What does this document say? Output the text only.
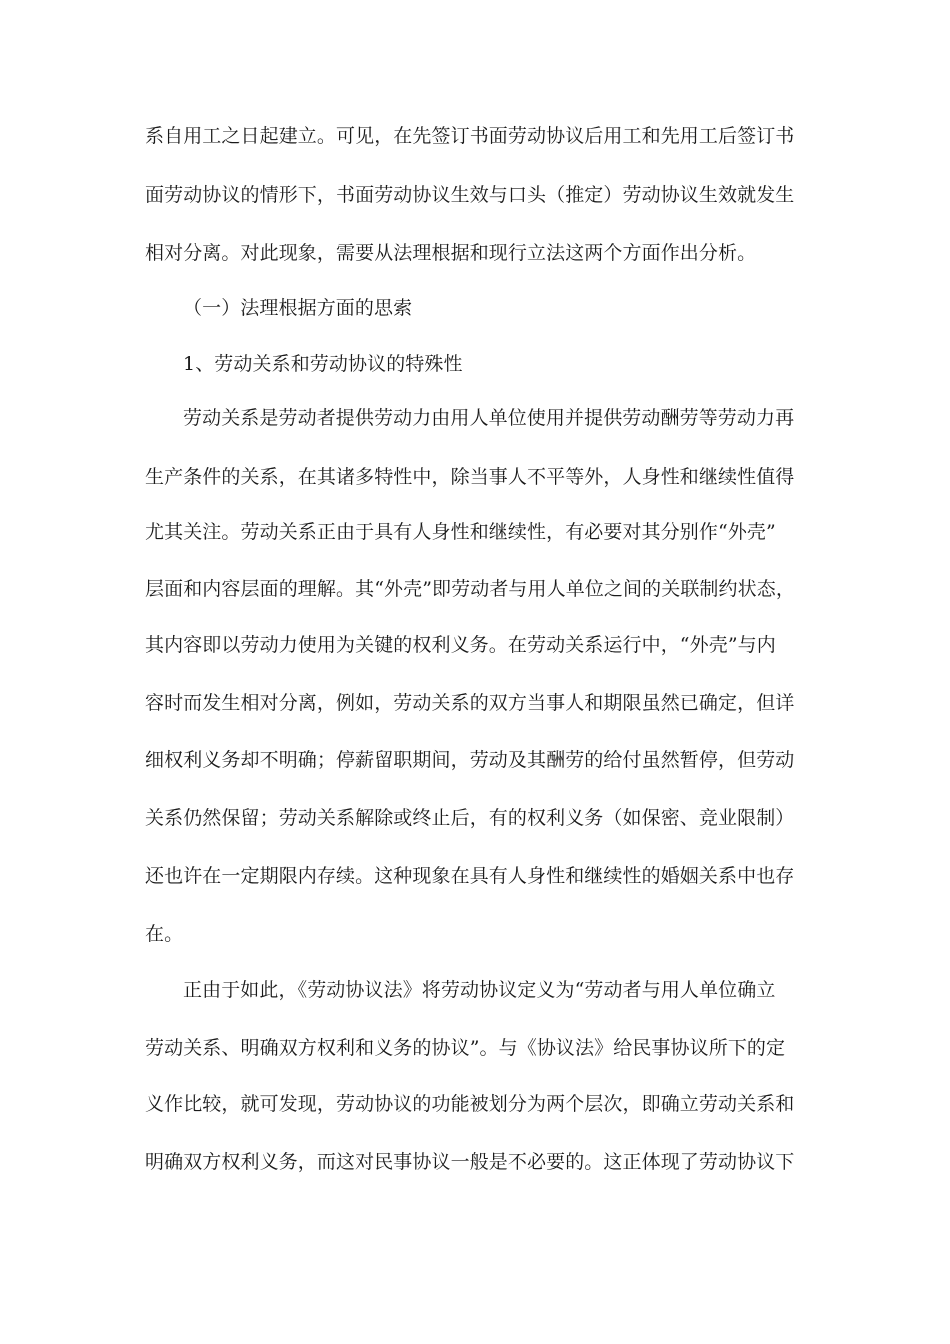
系自用工之日起建立。可见，在先签订书面劳动协议后用工和先用工后签订书
面劳动协议的情形下，书面劳动协议生效与口头（推定）劳动协议生效就发生
相对分离。对此现象，需要从法理根据和现行立法这两个方面作出分析。
（一）法理根据方面的思索
1、劳动关系和劳动协议的特殊性
劳动关系是劳动者提供劳动力由用人单位使用并提供劳动酬劳等劳动力再
生产条件的关系，在其诸多特性中，除当事人不平等外，人身性和继续性值得
尤其关注。劳动关系正由于具有人身性和继续性，有必要对其分别作“外壳”
层面和内容层面的理解。其“外壳”即劳动者与用人单位之间的关联制约状态，
其内容即以劳动力使用为关键的权利义务。在劳动关系运行中，“外壳”与内
容时而发生相对分离，例如，劳动关系的双方当事人和期限虽然已确定，但详
细权利义务却不明确；停薪留职期间，劳动及其酬劳的给付虽然暂停，但劳动
关系仍然保留；劳动关系解除或终止后，有的权利义务（如保密、竞业限制）
还也许在一定期限内存续。这种现象在具有人身性和继续性的婚姻关系中也存
在。
正由于如此，《劳动协议法》将劳动协议定义为“劳动者与用人单位确立
劳动关系、明确双方权利和义务的协议”。与《协议法》给民事协议所下的定
义作比较，就可发现，劳动协议的功能被划分为两个层次，即确立劳动关系和
明确双方权利义务，而这对民事协议一般是不必要的。这正体现了劳动协议下
